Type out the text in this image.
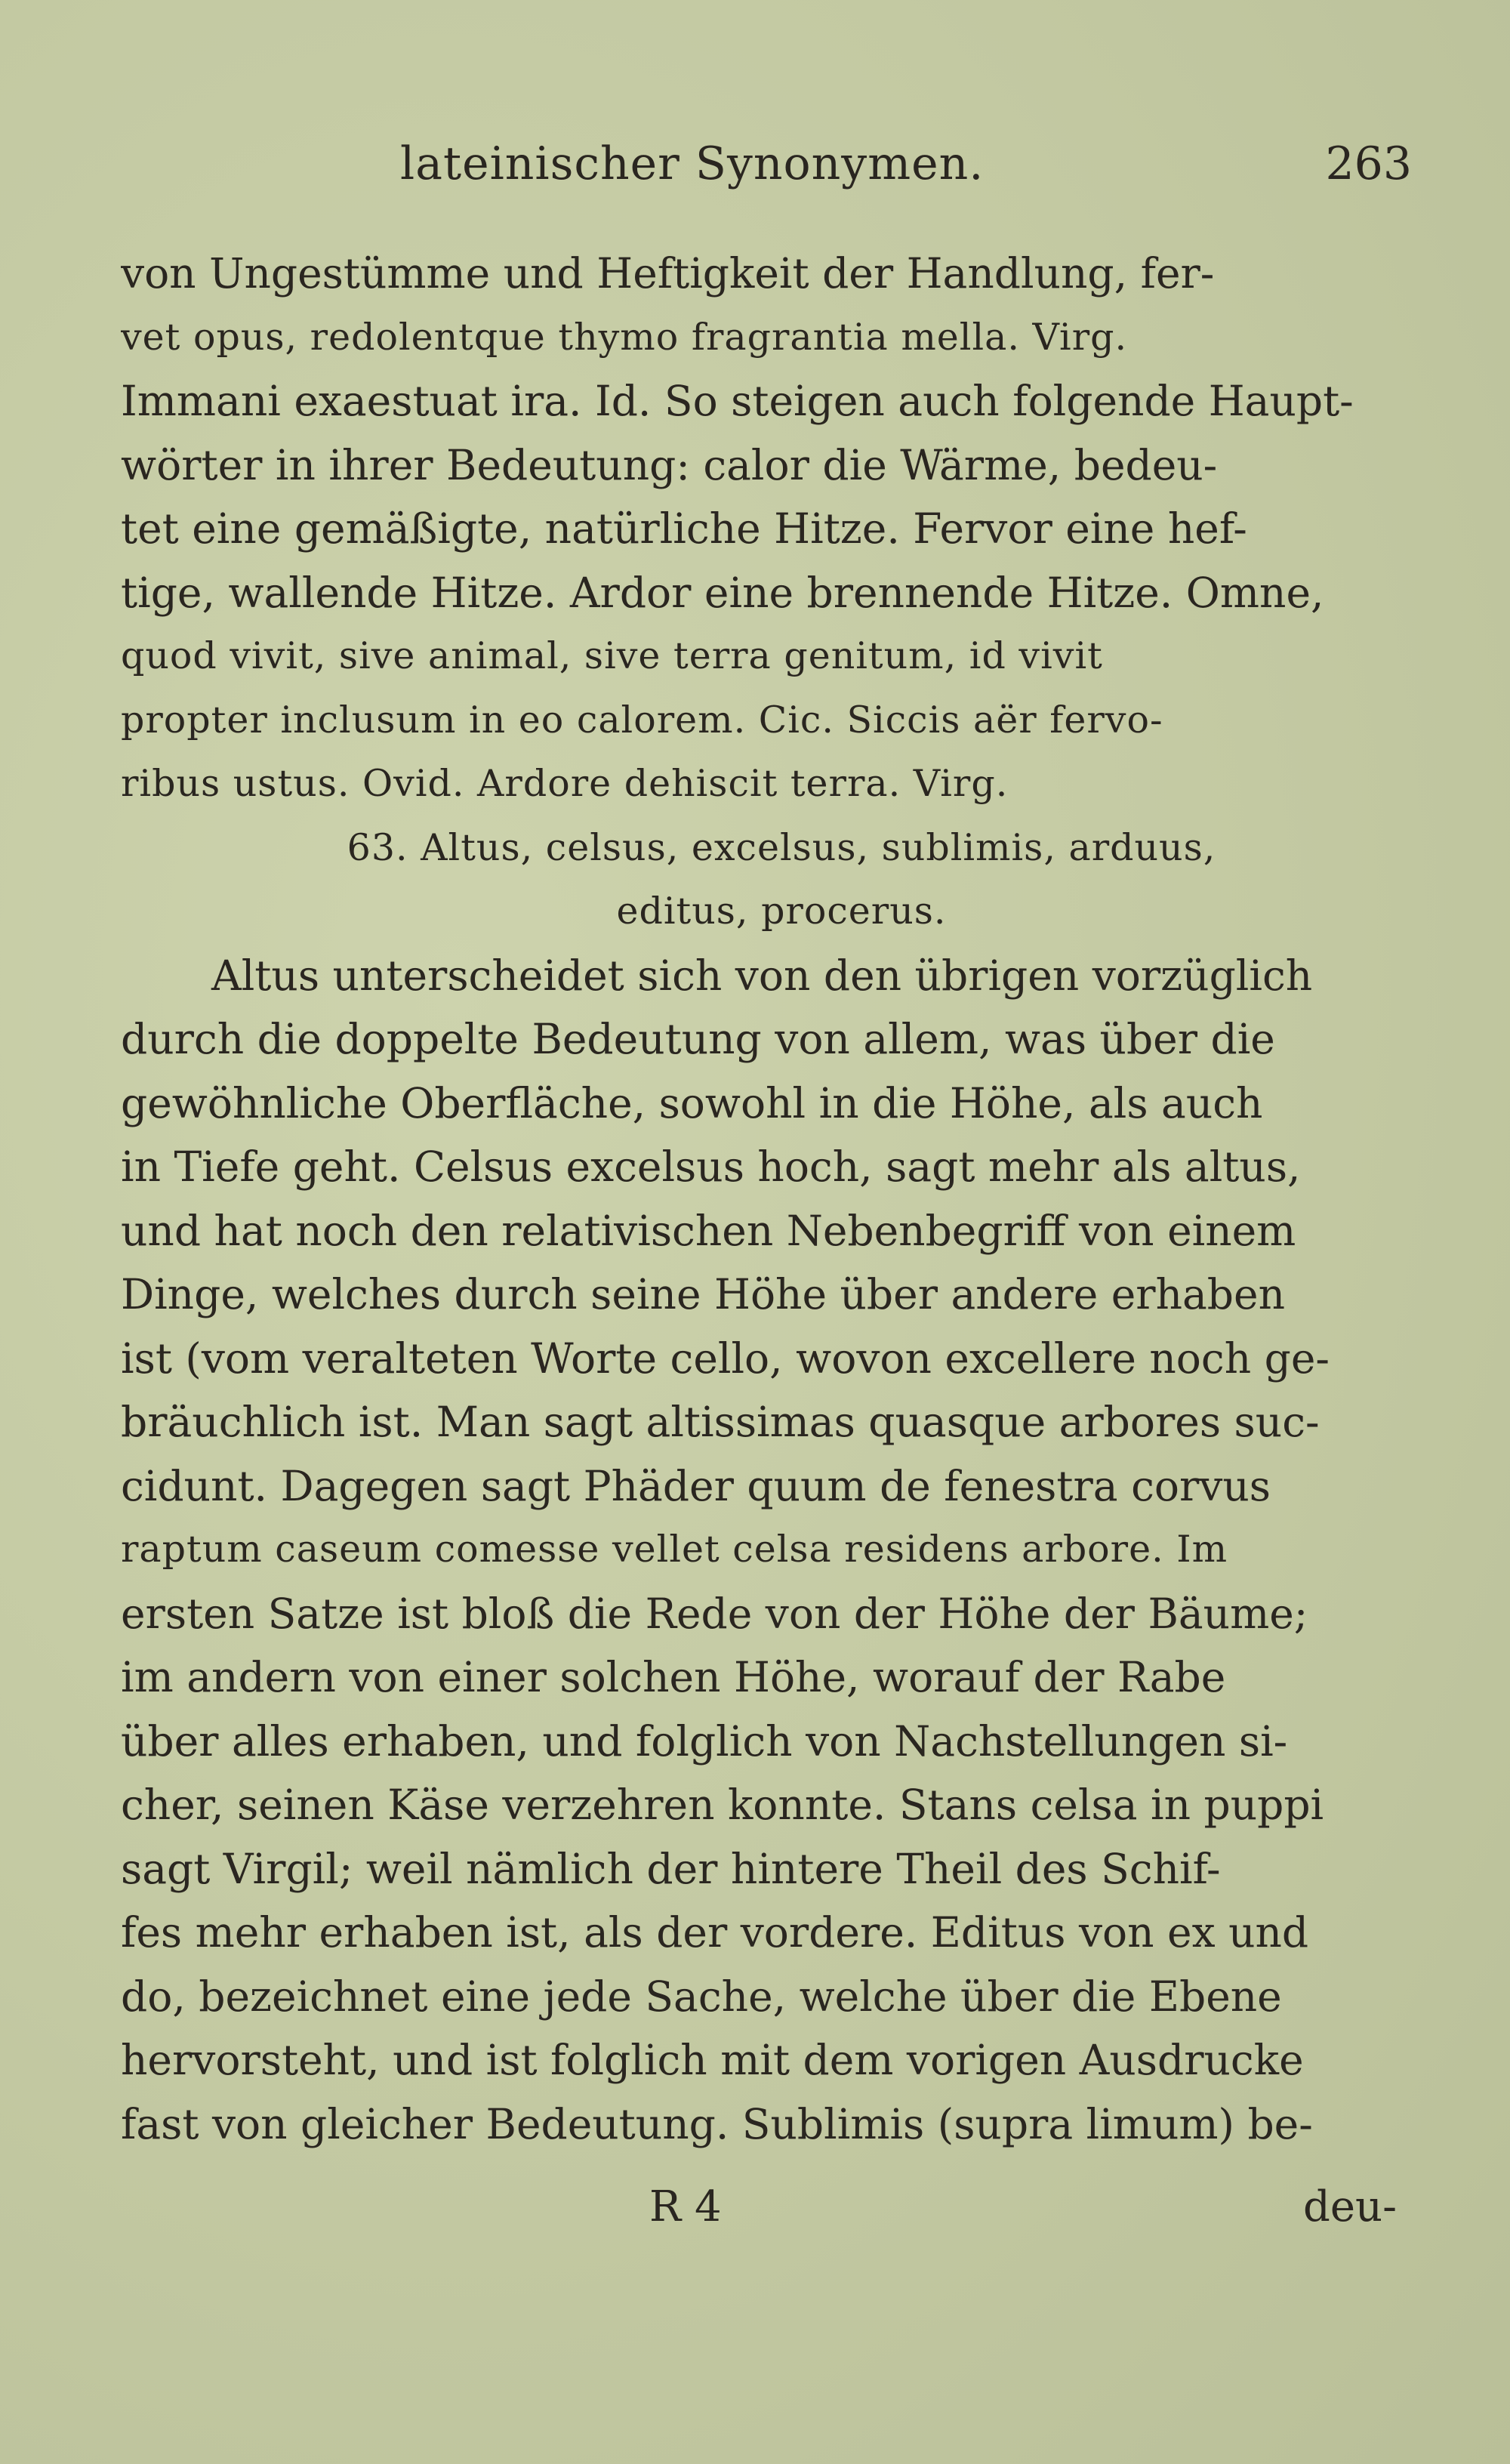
lateinischer Synonymen.	263
von Ungestümme und Heftigkeit der Handlung, fer-
vet opus, redolentque thymo fragrantia mella. Virg.
Immani exaestuat ira. Id. So steigen auch folgende Haupt-
wörter in ihrer Bedeutung: calor die Wärme, bedeu-
tet eine gemäßigte, natürliche Hitze. Fervor eine hef-
tige, wallende Hitze. Ardor eine brennende Hitze. Omne,
quod vivit, sive animal, sive terra genitum, id vivit
propter inclusum in eo calorem. Cic. Siccis aër fervo-
ribus ustus. Ovid. Ardore dehiscit terra. Virg.
63. Altus, celsus, excelsus, sublimis, arduus,
editus, procerus.
Altus unterscheidet sich von den übrigen vorzüglich
durch die doppelte Bedeutung von allem, was über die
gewöhnliche Oberfläche, sowohl in die Höhe, als auch
in Tiefe geht. Celsus excelsus hoch, sagt mehr als altus,
und hat noch den relativischen Nebenbegriff von einem
Dinge, welches durch seine Höhe über andere erhaben
ist (vom veralteten Worte cello, wovon excellere noch ge-
bräuchlich ist. Man sagt altissimas quasque arbores suc-
cidunt. Dagegen sagt Phäder quum de fenestra corvus
raptum caseum comesse vellet celsa residens arbore. Im
ersten Satze ist bloß die Rede von der Höhe der Bäume;
im andern von einer solchen Höhe, worauf der Rabe
über alles erhaben, und folglich von Nachstellungen si-
cher, seinen Käse verzehren konnte. Stans celsa in puppi
sagt Virgil; weil nämlich der hintere Theil des Schif-
fes mehr erhaben ist, als der vordere. Editus von ex und
do, bezeichnet eine jede Sache, welche über die Ebene
hervorsteht, und ist folglich mit dem vorigen Ausdrucke
fast von gleicher Bedeutung. Sublimis (supra limum) be-
R 4	deu-
